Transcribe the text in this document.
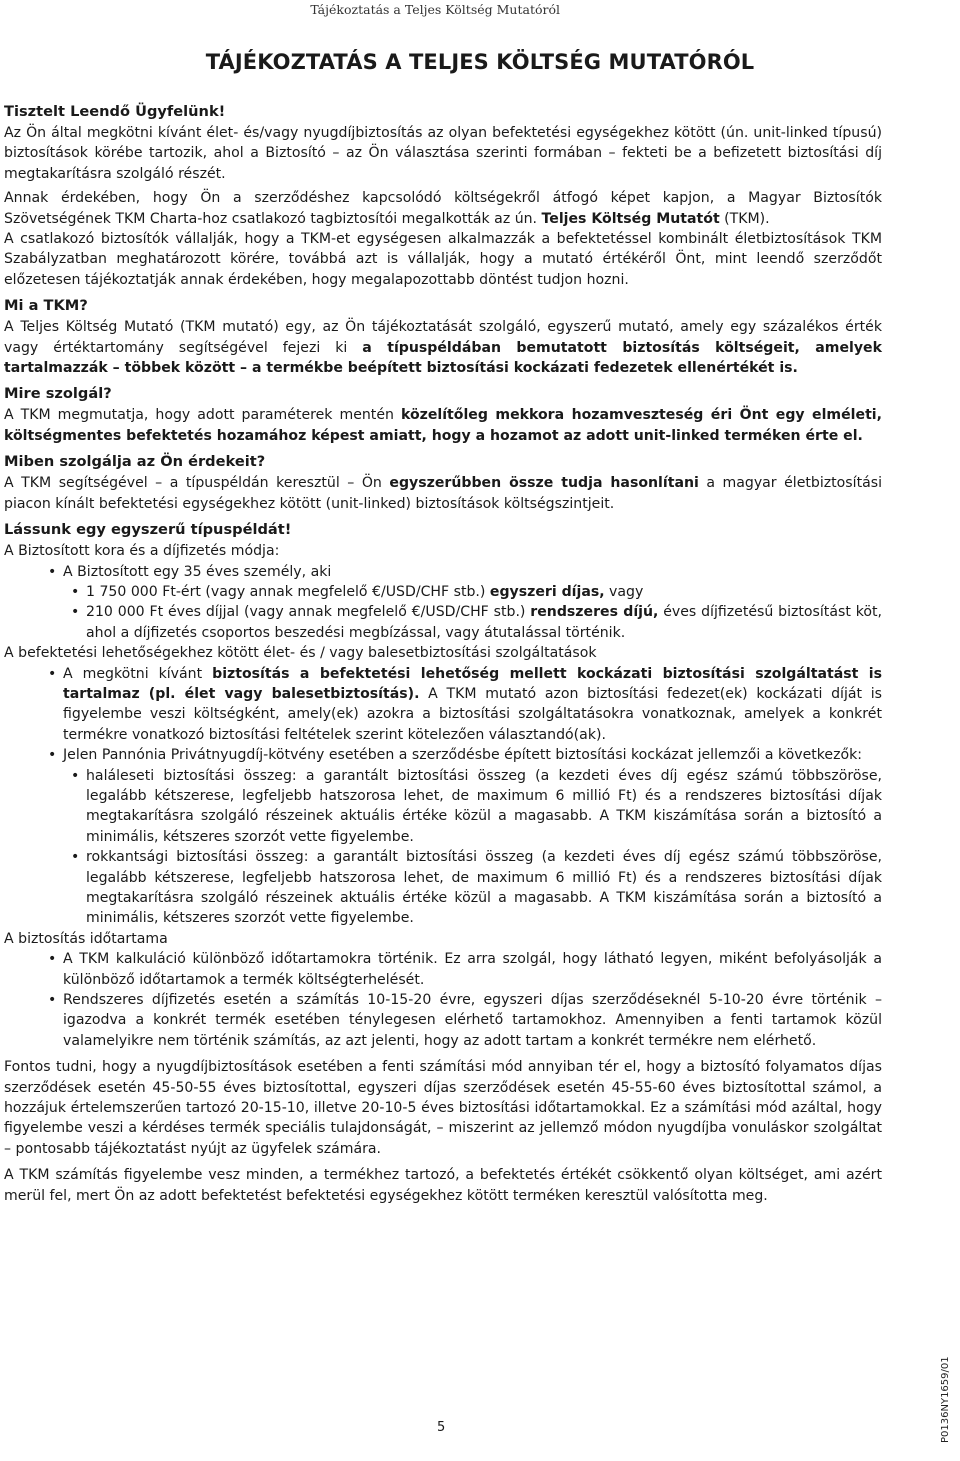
Tájékoztatás a Teljes Költség Mutatóról
TÁJÉKOZTATÁS A TELJES KÖLTSÉG MUTATÓRÓL
Tisztelt Leendő Ügyfelünk!

Az Ön által megkötni kívánt élet- és/vagy nyugdíjbiztosítás az olyan befektetési egységekhez kötött (ún. unit-linked típusú) biztosítások körébe tartozik, ahol a Biztosító – az Ön választása szerinti formában – fekteti be a befizetett biztosítási díj megtakarításra szolgáló részét.

Annak érdekében, hogy Ön a szerződéshez kapcsolódó költségekről átfogó képet kapjon, a Magyar Biztosítók Szövetségének TKM Charta-hoz csatlakozó tagbiztosítói megalkották az ún. Teljes Költség Mutatót (TKM).

A csatlakozó biztosítók vállalják, hogy a TKM-et egységesen alkalmazzák a befektetéssel kombinált életbiztosítások TKM Szabályzatban meghatározott körére, továbbá azt is vállalják, hogy a mutató értékéről Önt, mint leendő szerződőt előzetesen tájékoztatják annak érdekében, hogy megalapozottabb döntést tudjon hozni.

Mi a TKM?

A Teljes Költség Mutató (TKM mutató) egy, az Ön tájékoztatását szolgáló, egyszerű mutató, amely egy százalékos érték vagy értéktartomány segítségével fejezi ki a típuspéldában bemutatott biztosítás költségeit, amelyek tartalmazzák – többek között – a termékbe beépített biztosítási kockázati fedezetek ellenértékét is.

Mire szolgál?

A TKM megmutatja, hogy adott paraméterek mentén közelítőleg mekkora hozamveszteség éri Önt egy elméleti, költségmentes befektetés hozamához képest amiatt, hogy a hozamot az adott unit-linked terméken érte el.

Miben szolgálja az Ön érdekeit?

A TKM segítségével – a típuspéldán keresztül – Ön egyszerűbben össze tudja hasonlítani a magyar életbiztosítási piacon kínált befektetési egységekhez kötött (unit-linked) biztosítások költségszintjeit.

Lássunk egy egyszerű típuspéldát!

A Biztosított kora és a díjfizetés módja:

• A Biztosított egy 35 éves személy, aki
• 1 750 000 Ft-ért (vagy annak megfelelő €/USD/CHF stb.) egyszeri díjas, vagy
• 210 000 Ft éves díjjal (vagy annak megfelelő €/USD/CHF stb.) rendszeres díjú, éves díjfizetésű biztosítást köt, ahol a díjfizetés csoportos beszedési megbízással, vagy átutalással történik.

A befektetési lehetőségekhez kötött élet- és / vagy balesetbiztosítási szolgáltatások

• A megkötni kívánt biztosítás a befektetési lehetőség mellett kockázati biztosítási szolgáltatást is tartalmaz (pl. élet vagy balesetbiztosítás). A TKM mutató azon biztosítási fedezet(ek) kockázati díját is figyelembe veszi költségként, amely(ek) azokra a biztosítási szolgáltatásokra vonatkoznak, amelyek a konkrét termékre vonatkozó biztosítási feltételek szerint kötelezően választandó(ak).
• Jelen Pannónia Privátnyugdíj-kötvény esetében a szerződésbe épített biztosítási kockázat jellemzői a következők:
• haláleseti biztosítási összeg: a garantált biztosítási összeg (a kezdeti éves díj egész számú többszöröse, legalább kétszerese, legfeljebb hatszorosa lehet, de maximum 6 millió Ft) és a rendszeres biztosítási díjak megtakarításra szolgáló részeinek aktuális értéke közül a magasabb. A TKM kiszámítása során a biztosító a minimális, kétszeres szorzót vette figyelembe.
• rokkantsági biztosítási összeg: a garantált biztosítási összeg (a kezdeti éves díj egész számú többszöröse, legalább kétszerese, legfeljebb hatszorosa lehet, de maximum 6 millió Ft) és a rendszeres biztosítási díjak megtakarításra szolgáló részeinek aktuális értéke közül a magasabb. A TKM kiszámítása során a biztosító a minimális, kétszeres szorzót vette figyelembe.

A biztosítás időtartama

• A TKM kalkuláció különböző időtartamokra történik. Ez arra szolgál, hogy látható legyen, miként befolyásolják a különböző időtartamok a termék költségterhelését.
• Rendszeres díjfizetés esetén a számítás 10-15-20 évre, egyszeri díjas szerződéseknél 5-10-20 évre történik – igazodva a konkrét termék esetében ténylegesen elérhető tartamokhoz. Amennyiben a fenti tartamok közül valamelyikre nem történik számítás, az azt jelenti, hogy az adott tartam a konkrét termékre nem elérhető.

Fontos tudni, hogy a nyugdíjbiztosítások esetében a fenti számítási mód annyiban tér el, hogy a biztosító folyamatos díjas szerződések esetén 45-50-55 éves biztosítottal, egyszeri díjas szerződések esetén 45-55-60 éves biztosítottal számol, a hozzájuk értelemszerűen tartozó 20-15-10, illetve 20-10-5 éves biztosítási időtartamokkal. Ez a számítási mód azáltal, hogy figyelembe veszi a kérdéses termék speciális tulajdonságát, – miszerint az jellemző módon nyugdíjba vonuláskor szolgáltat – pontosabb tájékoztatást nyújt az ügyfelek számára.

A TKM számítás figyelembe vesz minden, a termékhez tartozó, a befektetés értékét csökkentő olyan költséget, ami azért merül fel, mert Ön az adott befektetést befektetési egységekhez kötött terméken keresztül valósította meg.

5	P0136NY1659/01
